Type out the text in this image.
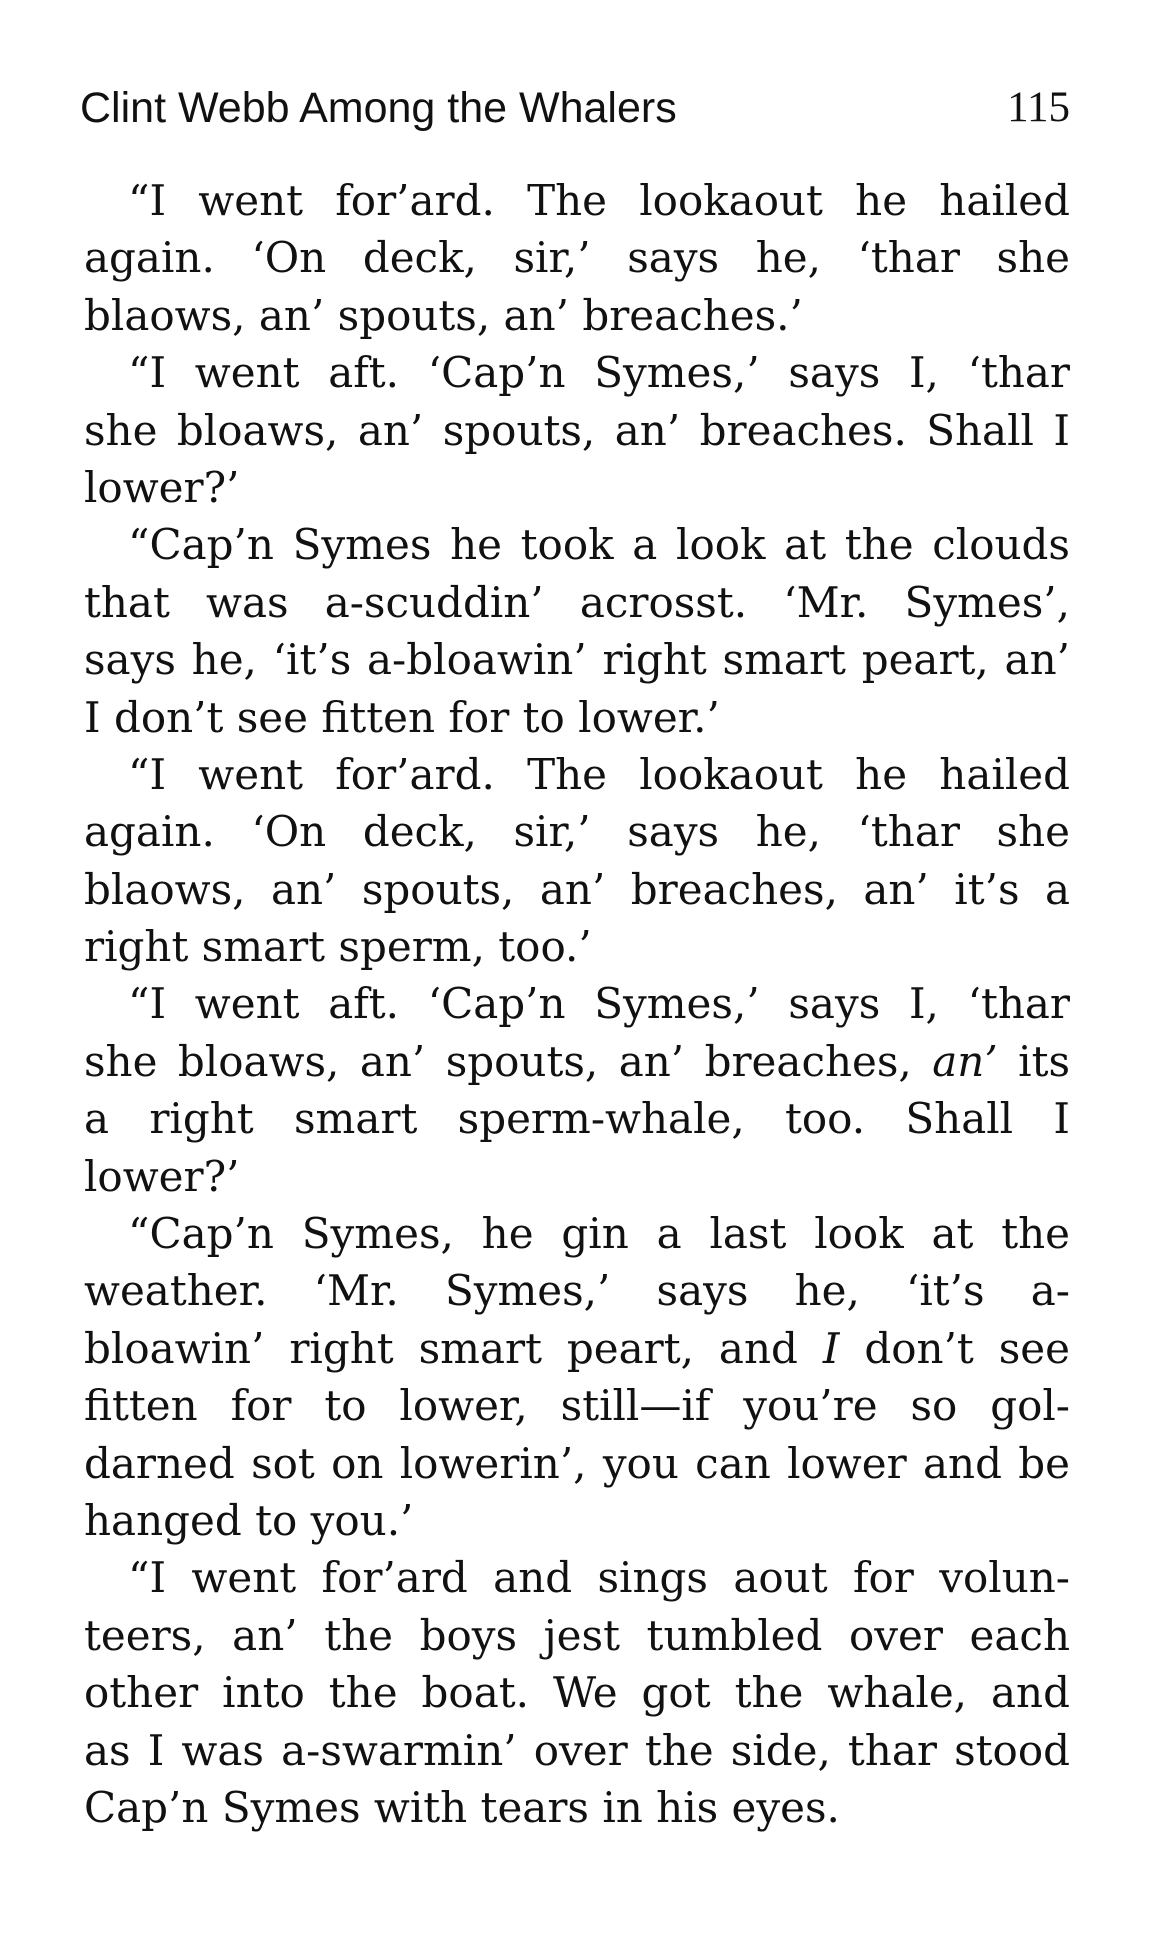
Clint Webb Among the Whalers	115

“I went for’ard. The lookaout he hailed
again. ‘On deck, sir,’ says he, ‘thar she
blaows, an’ spouts, an’ breaches.’

“I went aft. ‘Cap’n Symes,’ says I, ‘thar
she bloaws, an’ spouts, an’ breaches. Shall I
lower?’

“Cap’n Symes he took a look at the clouds
that was a-scuddin’ acrosst. ‘Mr. Symes’,
says he, ‘it’s a-bloawin’ right smart peart, an’
I don’t see fitten for to lower.’

“I went for’ard. The lookaout he hailed
again. ‘On deck, sir,’ says he, ‘thar she
blaows, an’ spouts, an’ breaches, an’ it’s a
right smart sperm, too.’

“I went aft. ‘Cap’n Symes,’ says I, ‘thar
she bloaws, an’ spouts, an’ breaches, an’ its
a right smart sperm-whale, too. Shall I
lower?’

“Cap’n Symes, he gin a last look at the
weather. ‘Mr. Symes,’ says he, ‘it’s a-
bloawin’ right smart peart, and I don’t see
fitten for to lower, still—if you’re so gol-
darned sot on lowerin’, you can lower and be
hanged to you.’

“I went for’ard and sings aout for volun-
teers, an’ the boys jest tumbled over each
other into the boat. We got the whale, and
as I was a-swarmin’ over the side, thar stood
Cap’n Symes with tears in his eyes.
